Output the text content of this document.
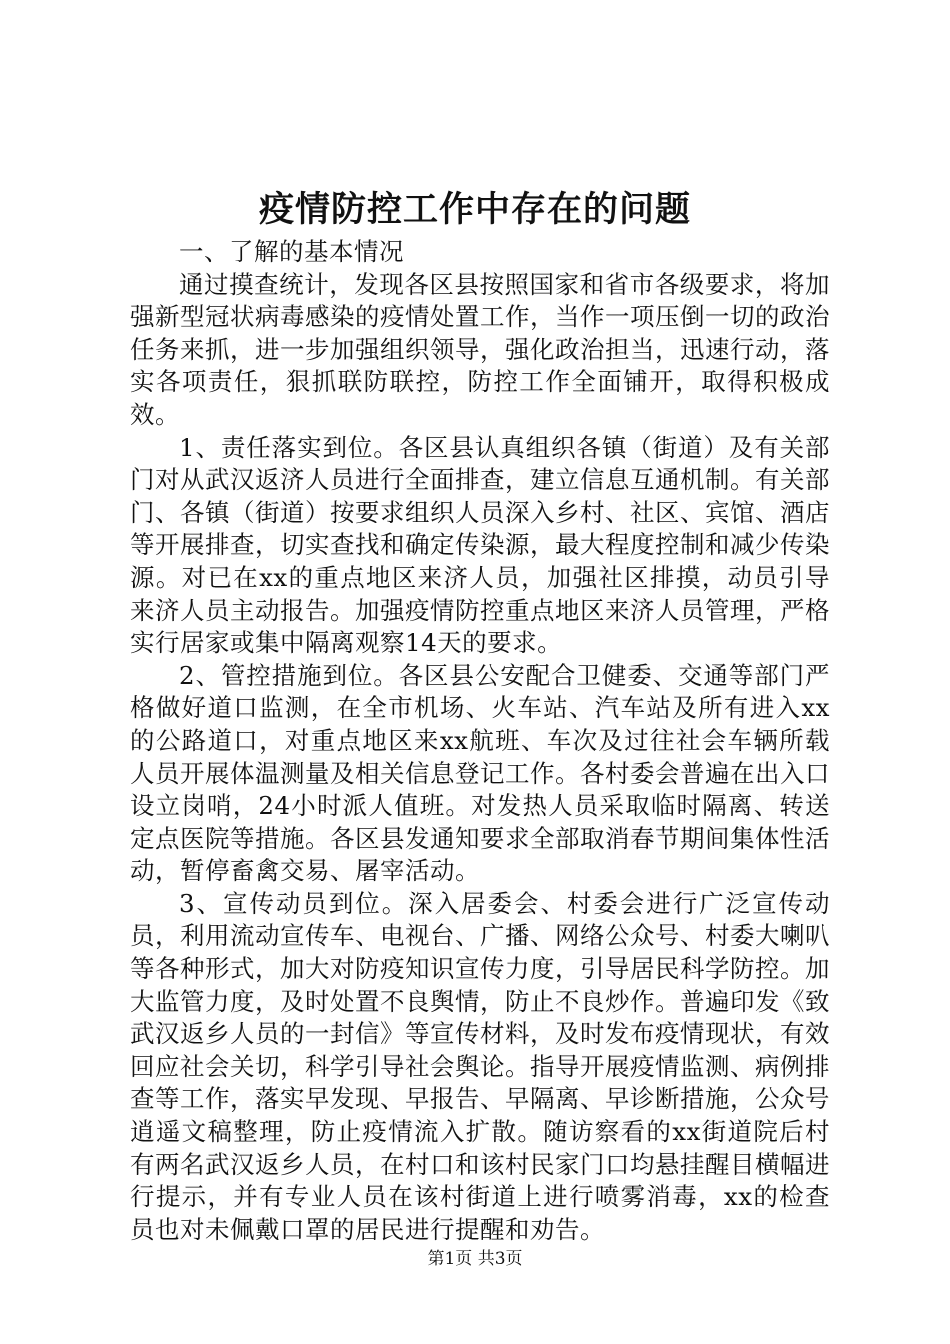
疫情防控工作中存在的问题

一、了解的基本情况

通过摸查统计，发现各区县按照国家和省市各级要求，将加强新型冠状病毒感染的疫情处置工作，当作一项压倒一切的政治任务来抓，进一步加强组织领导，强化政治担当，迅速行动，落实各项责任，狠抓联防联控，防控工作全面铺开，取得积极成效。

1、责任落实到位。各区县认真组织各镇（街道）及有关部门对从武汉返济人员进行全面排查，建立信息互通机制。有关部门、各镇（街道）按要求组织人员深入乡村、社区、宾馆、酒店等开展排查，切实查找和确定传染源，最大程度控制和减少传染源。对已在xx的重点地区来济人员，加强社区排摸，动员引导来济人员主动报告。加强疫情防控重点地区来济人员管理，严格实行居家或集中隔离观察14天的要求。

2、管控措施到位。各区县公安配合卫健委、交通等部门严格做好道口监测，在全市机场、火车站、汽车站及所有进入xx的公路道口，对重点地区来xx航班、车次及过往社会车辆所载人员开展体温测量及相关信息登记工作。各村委会普遍在出入口设立岗哨，24小时派人值班。对发热人员采取临时隔离、转送定点医院等措施。各区县发通知要求全部取消春节期间集体性活动，暂停畜禽交易、屠宰活动。

3、宣传动员到位。深入居委会、村委会进行广泛宣传动员，利用流动宣传车、电视台、广播、网络公众号、村委大喇叭等各种形式，加大对防疫知识宣传力度，引导居民科学防控。加大监管力度，及时处置不良舆情，防止不良炒作。普遍印发《致武汉返乡人员的一封信》等宣传材料，及时发布疫情现状，有效回应社会关切，科学引导社会舆论。指导开展疫情监测、病例排查等工作，落实早发现、早报告、早隔离、早诊断措施，公众号逍遥文稿整理，防止疫情流入扩散。随访察看的xx街道院后村有两名武汉返乡人员，在村口和该村民家门口均悬挂醒目横幅进行提示，并有专业人员在该村街道上进行喷雾消毒，xx的检查员也对未佩戴口罩的居民进行提醒和劝告。

第1页 共3页
